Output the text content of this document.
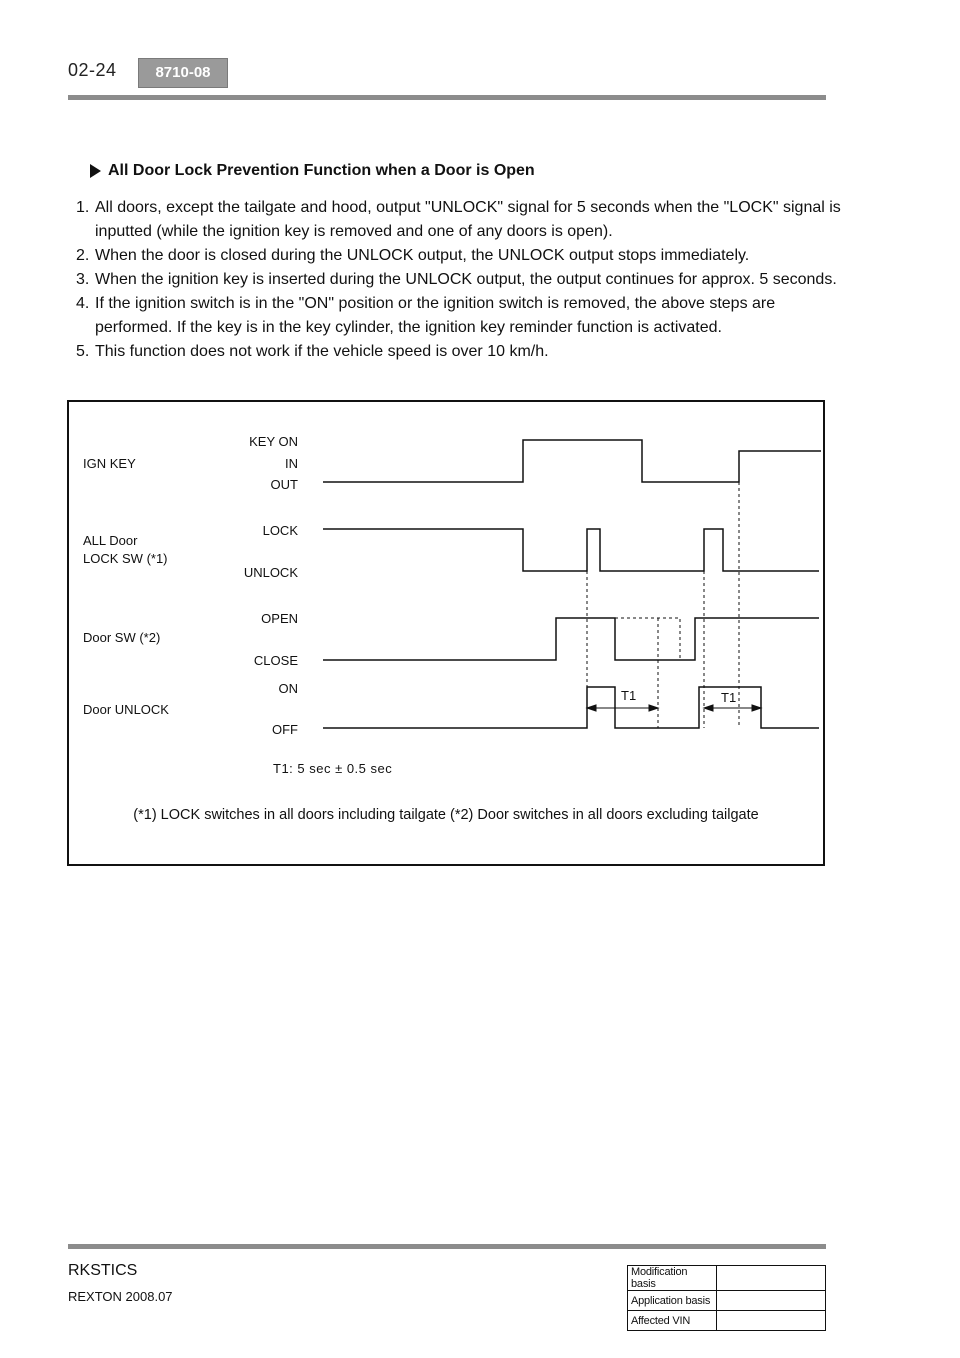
02-24	8710-08
All Door Lock Prevention Function when a Door is Open
1. All doors, except the tailgate and hood, output "UNLOCK" signal for 5 seconds when the "LOCK" signal is inputted (while the ignition key is removed and one of any doors is open).
2. When the door is closed during the UNLOCK output, the UNLOCK output stops immediately.
3. When the ignition key is inserted during the UNLOCK output, the output continues for approx. 5 seconds.
4. If the ignition switch is in the "ON" position or the ignition switch is removed, the above steps are performed. If the key is in the key cylinder, the ignition key reminder function is activated.
5. This function does not work if the vehicle speed is over 10 km/h.
IGN KEY
ALL Door
LOCK SW (*1)
Door SW (*2)
Door UNLOCK
KEY ON
IN
OUT
LOCK
UNLOCK
OPEN
CLOSE
ON
OFF
T1	T1
T1: 5 sec ± 0.5 sec
(*1) LOCK switches in all doors including tailgate (*2) Door switches in all doors excluding tailgate
RKSTICS
REXTON 2008.07
Modification basis	
Application basis	
Affected VIN	
